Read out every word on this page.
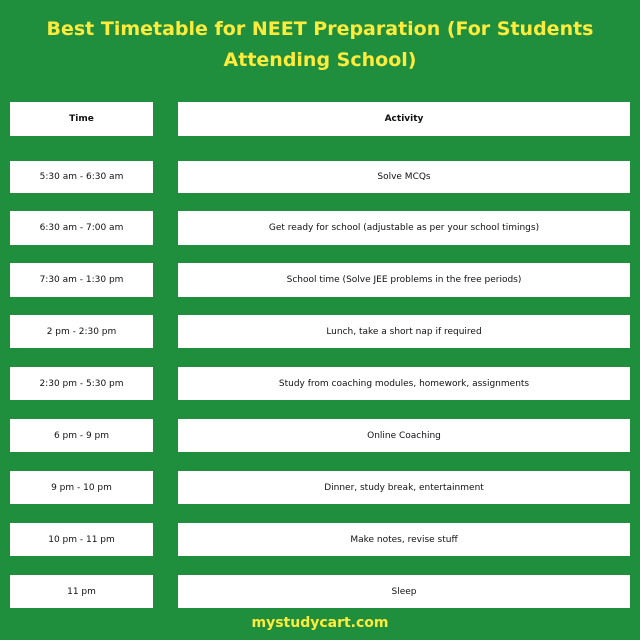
Best Timetable for NEET Preparation (For Students
Attending School)
Time	Activity
5:30 am - 6:30 am	Solve MCQs
6:30 am - 7:00 am	Get ready for school (adjustable as per your school timings)
7:30 am - 1:30 pm	School time (Solve JEE problems in the free periods)
2 pm - 2:30 pm	Lunch, take a short nap if required
2:30 pm - 5:30 pm	Study from coaching modules, homework, assignments
6 pm - 9 pm	Online Coaching
9 pm - 10 pm	Dinner, study break, entertainment
10 pm - 11 pm	Make notes, revise stuff
11 pm	Sleep
mystudycart.com
